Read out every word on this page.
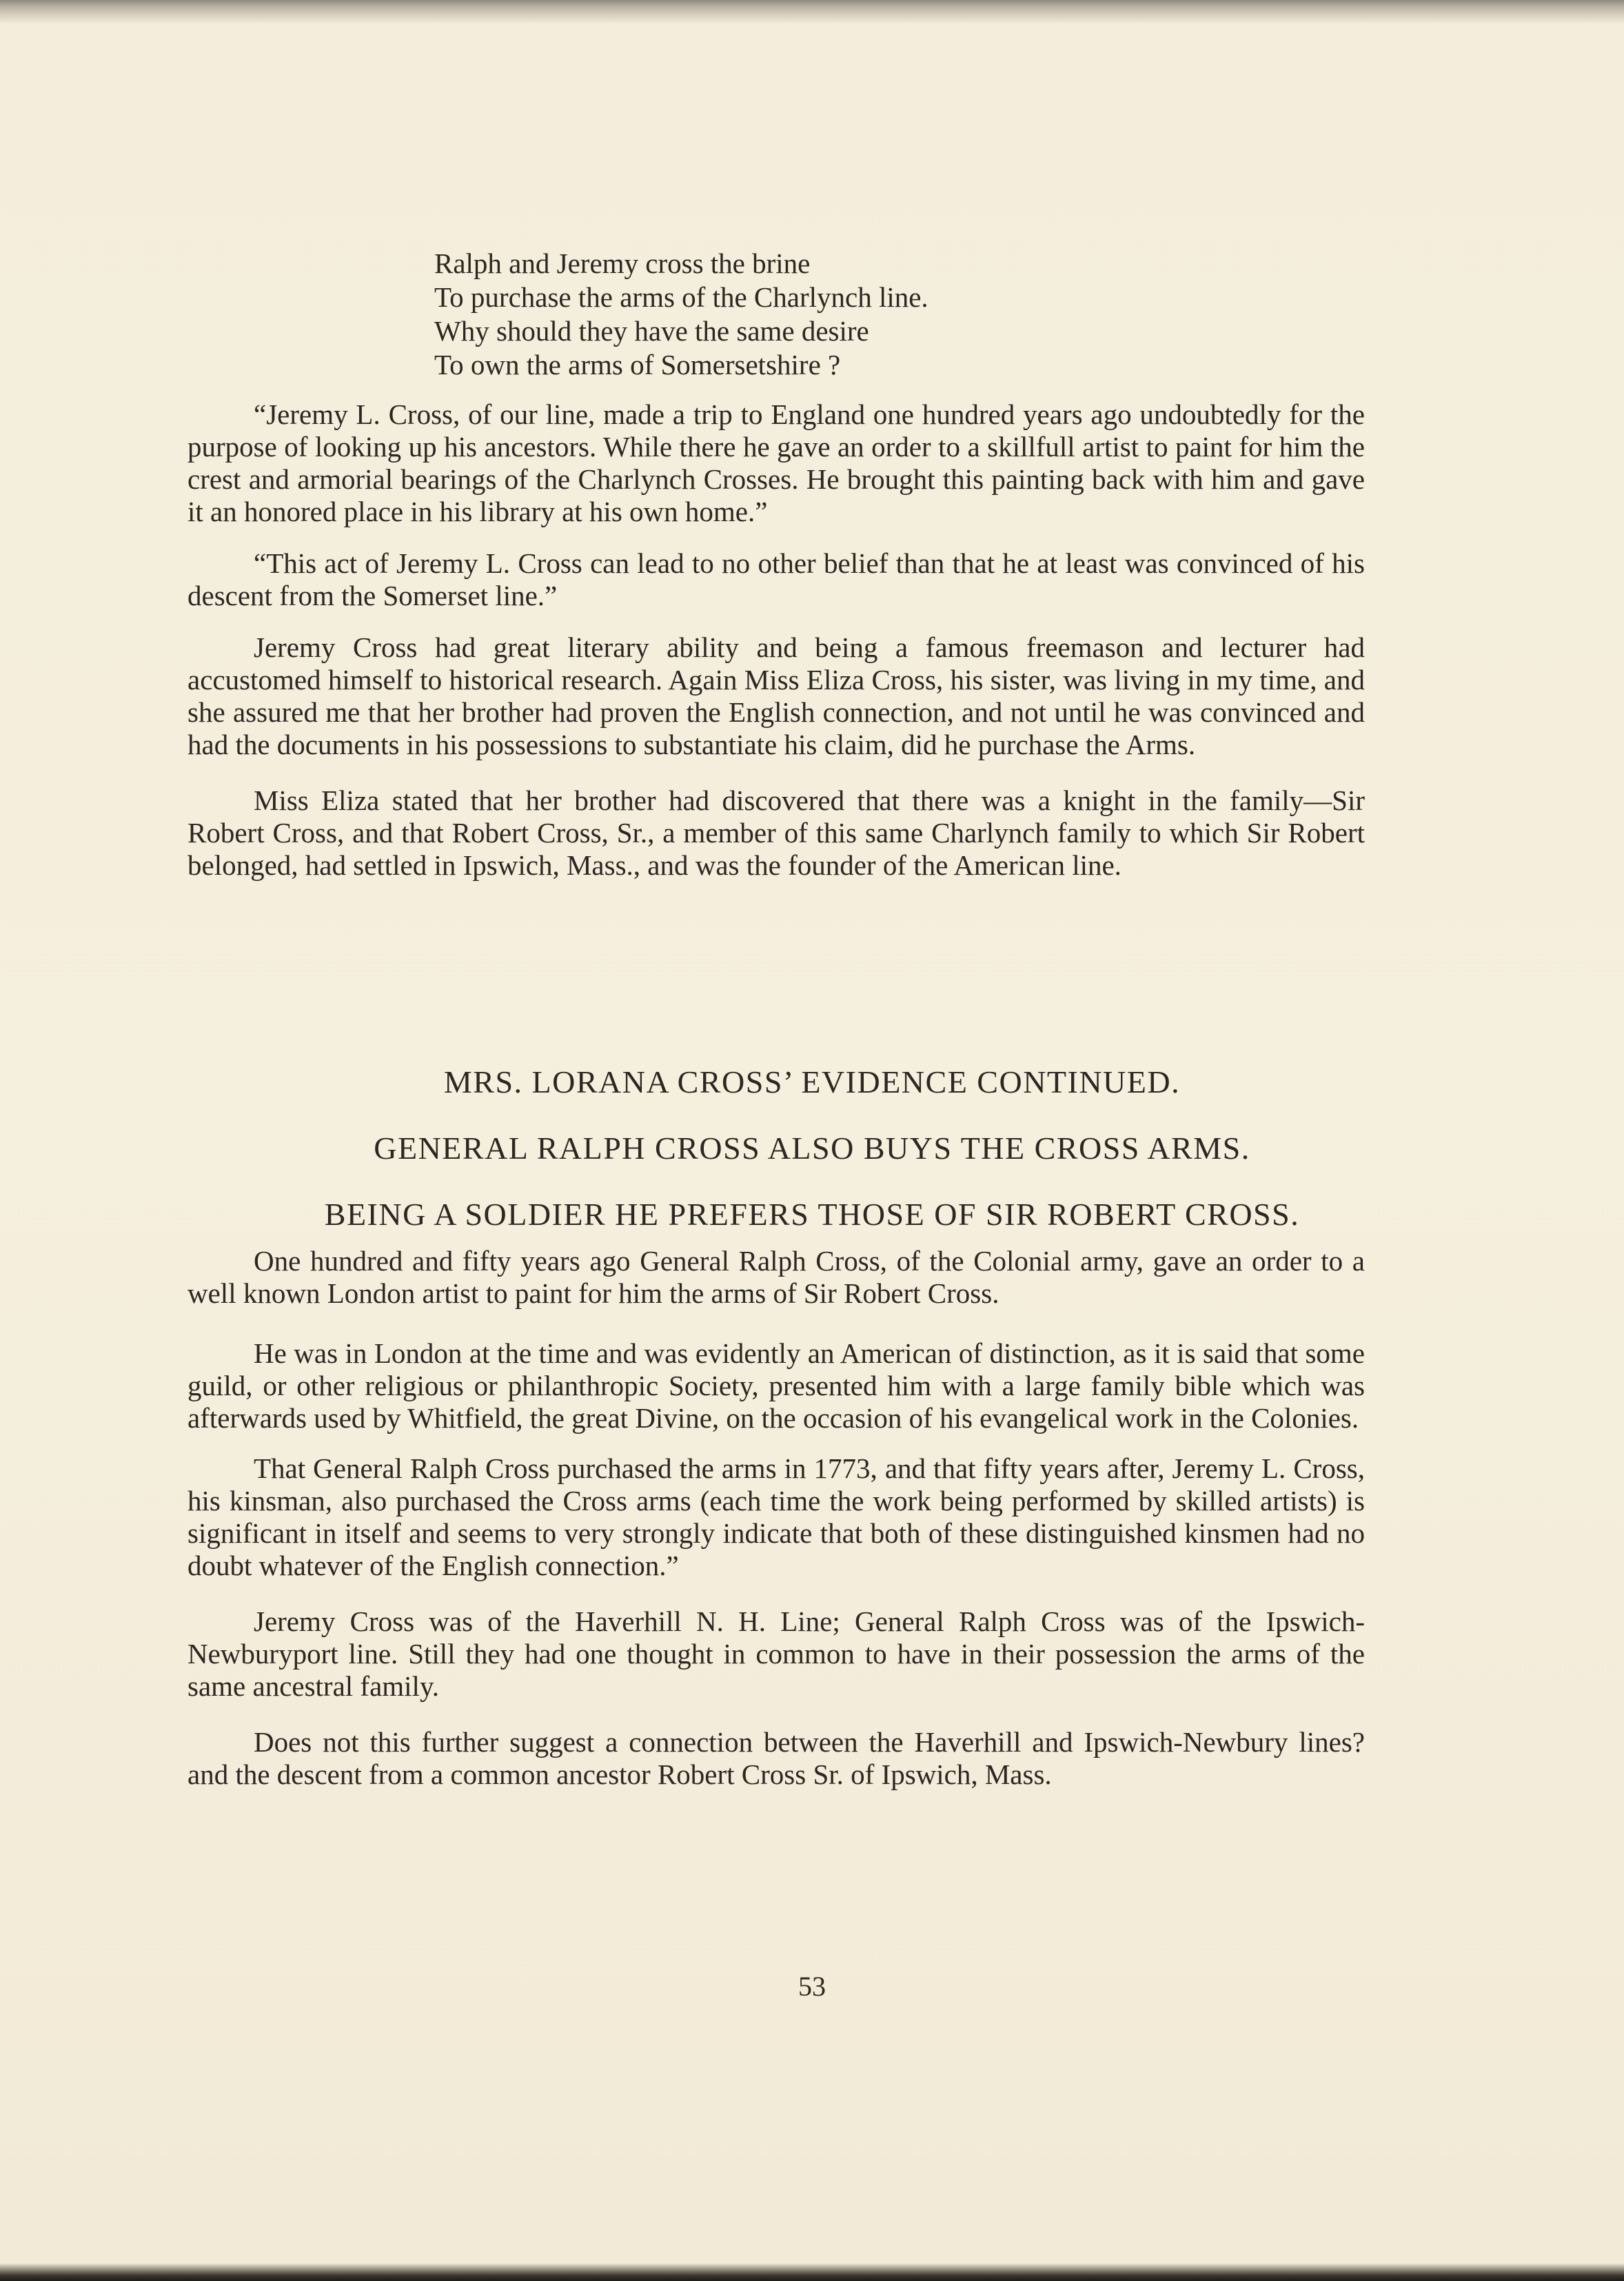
Ralph and Jeremy cross the brine
To purchase the arms of the Charlynch line.
Why should they have the same desire
To own the arms of Somersetshire ?

“Jeremy L. Cross, of our line, made a trip to England one hundred years ago undoubtedly for the purpose of looking up his ancestors. While there he gave an order to a skillfull artist to paint for him the crest and armorial bearings of the Charlynch Crosses. He brought this painting back with him and gave it an honored place in his library at his own home.”

“This act of Jeremy L. Cross can lead to no other belief than that he at least was convinced of his descent from the Somerset line.”

Jeremy Cross had great literary ability and being a famous freemason and lecturer had accustomed himself to historical research. Again Miss Eliza Cross, his sister, was living in my time, and she assured me that her brother had proven the English connection, and not until he was convinced and had the documents in his possessions to substantiate his claim, did he purchase the Arms.

Miss Eliza stated that her brother had discovered that there was a knight in the family—Sir Robert Cross, and that Robert Cross, Sr., a member of this same Charlynch family to which Sir Robert belonged, had settled in Ipswich, Mass., and was the founder of the American line.

MRS. LORANA CROSS’ EVIDENCE CONTINUED.
GENERAL RALPH CROSS ALSO BUYS THE CROSS ARMS.
BEING A SOLDIER HE PREFERS THOSE OF SIR ROBERT CROSS.

One hundred and fifty years ago General Ralph Cross, of the Colonial army, gave an order to a well known London artist to paint for him the arms of Sir Robert Cross.

He was in London at the time and was evidently an American of distinction, as it is said that some guild, or other religious or philanthropic Society, presented him with a large family bible which was afterwards used by Whitfield, the great Divine, on the occasion of his evangelical work in the Colonies.

That General Ralph Cross purchased the arms in 1773, and that fifty years after, Jeremy L. Cross, his kinsman, also purchased the Cross arms (each time the work being performed by skilled artists) is significant in itself and seems to very strongly indicate that both of these distinguished kinsmen had no doubt whatever of the English connection.”

Jeremy Cross was of the Haverhill N. H. Line; General Ralph Cross was of the Ipswich-Newburyport line. Still they had one thought in common to have in their possession the arms of the same ancestral family.

Does not this further suggest a connection between the Haverhill and Ipswich-Newbury lines? and the descent from a common ancestor Robert Cross Sr. of Ipswich, Mass.

53
